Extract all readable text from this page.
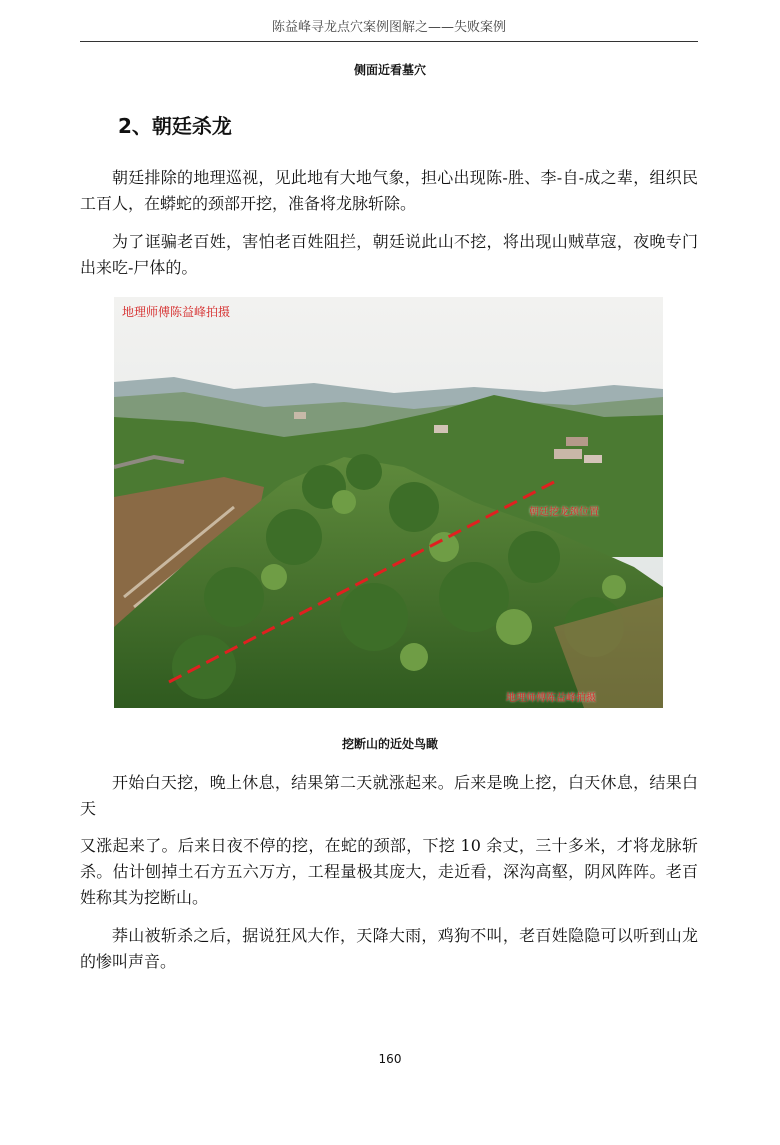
陈益峰寻龙点穴案例图解之——失败案例
侧面近看墓穴
2、朝廷杀龙
朝廷排除的地理巡视，见此地有大地气象，担心出现陈-胜、李-自-成之辈，组织民工百人，在蟒蛇的颈部开挖，准备将龙脉斩除。
为了诓骗老百姓，害怕老百姓阻拦，朝廷说此山不挖，将出现山贼草寇，夜晚专门出来吃-尸体的。
地理师傅陈益峰拍摄
朝廷挖龙颈位置
地理师傅陈益峰拍摄
挖断山的近处鸟瞰
开始白天挖，晚上休息，结果第二天就涨起来。后来是晚上挖，白天休息，结果白天
又涨起来了。后来日夜不停的挖，在蛇的颈部，下挖 10 余丈，三十多米，才将龙脉斩杀。估计刨掉土石方五六万方，工程量极其庞大，走近看，深沟高壑，阴风阵阵。老百姓称其为挖断山。
莽山被斩杀之后，据说狂风大作，天降大雨，鸡狗不叫，老百姓隐隐可以听到山龙的惨叫声音。
160
